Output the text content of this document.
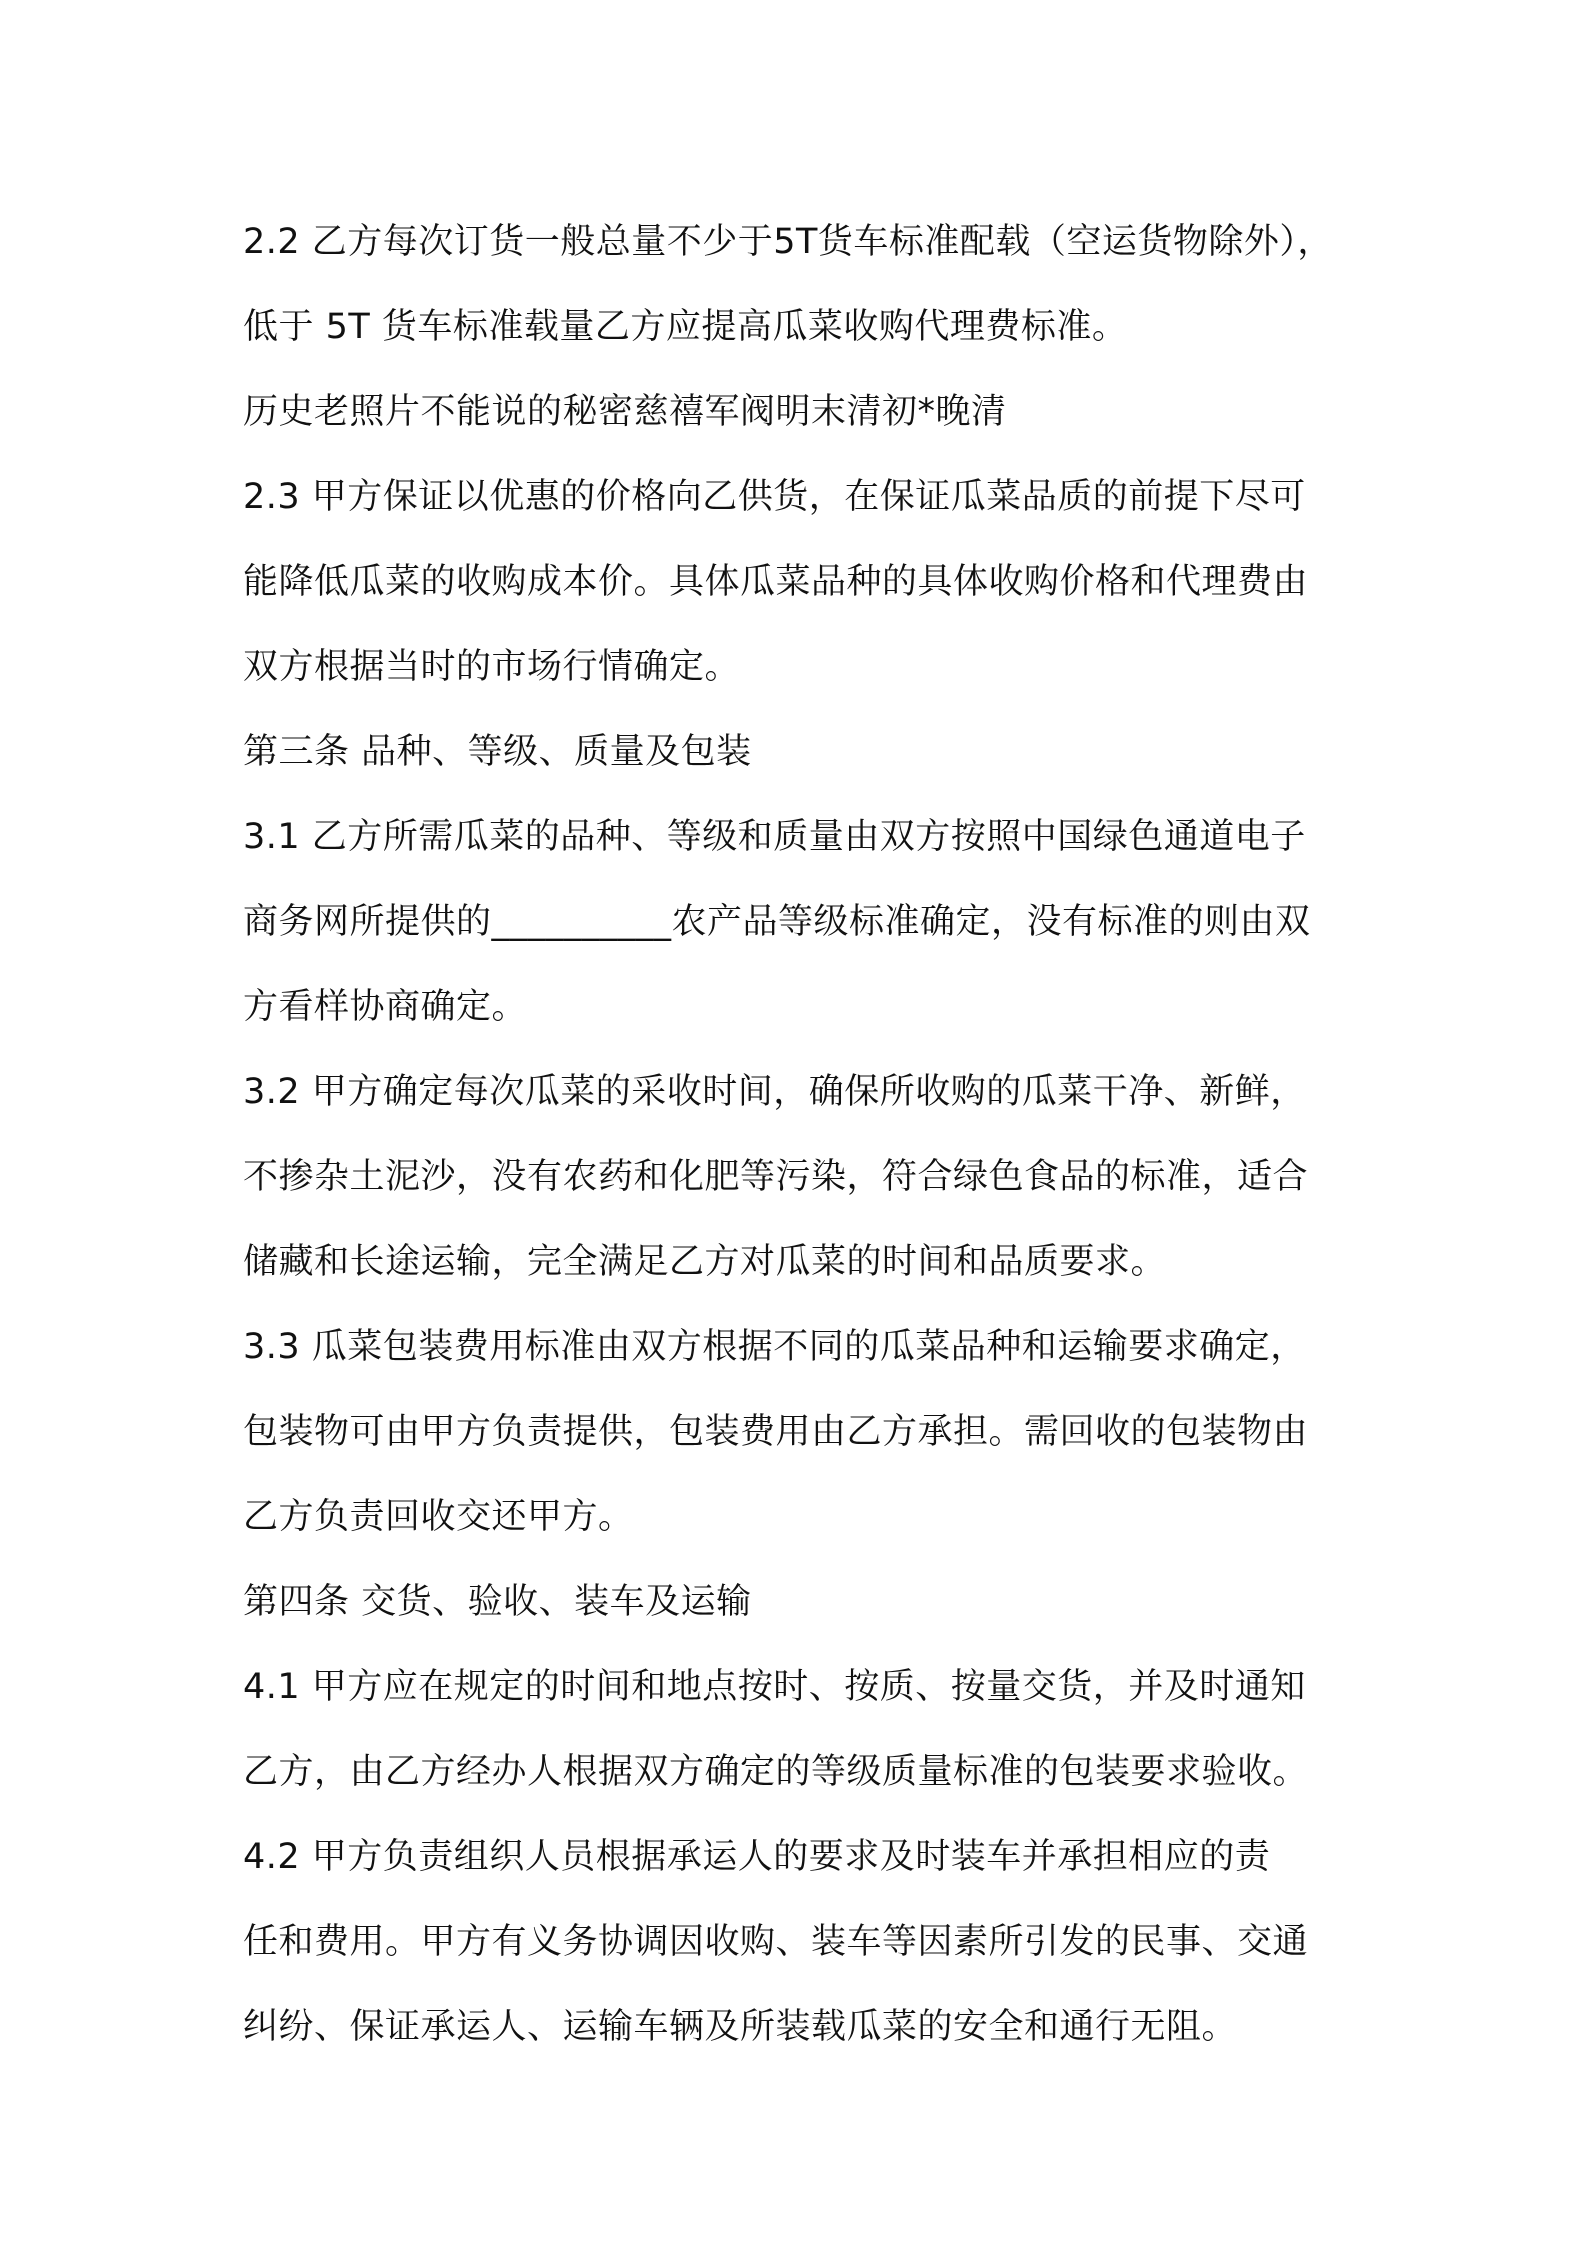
2.2 乙方每次订货一般总量不少于5T货车标准配载（空运货物除外），
低于 5T 货车标准载量乙方应提高瓜菜收购代理费标准。
历史老照片不能说的秘密慈禧军阀明末清初*晚清
2.3 甲方保证以优惠的价格向乙供货，在保证瓜菜品质的前提下尽可
能降低瓜菜的收购成本价。具体瓜菜品种的具体收购价格和代理费由
双方根据当时的市场行情确定。
第三条 品种、等级、质量及包装
3.1 乙方所需瓜菜的品种、等级和质量由双方按照中国绿色通道电子
商务网所提供的__________农产品等级标准确定，没有标准的则由双
方看样协商确定。
3.2 甲方确定每次瓜菜的采收时间，确保所收购的瓜菜干净、新鲜，
不掺杂土泥沙，没有农药和化肥等污染，符合绿色食品的标准，适合
储藏和长途运输，完全满足乙方对瓜菜的时间和品质要求。
3.3 瓜菜包装费用标准由双方根据不同的瓜菜品种和运输要求确定，
包装物可由甲方负责提供，包装费用由乙方承担。需回收的包装物由
乙方负责回收交还甲方。
第四条 交货、验收、装车及运输
4.1 甲方应在规定的时间和地点按时、按质、按量交货，并及时通知
乙方，由乙方经办人根据双方确定的等级质量标准的包装要求验收。
4.2 甲方负责组织人员根据承运人的要求及时装车并承担相应的责
任和费用。甲方有义务协调因收购、装车等因素所引发的民事、交通
纠纷、保证承运人、运输车辆及所装载瓜菜的安全和通行无阻。
